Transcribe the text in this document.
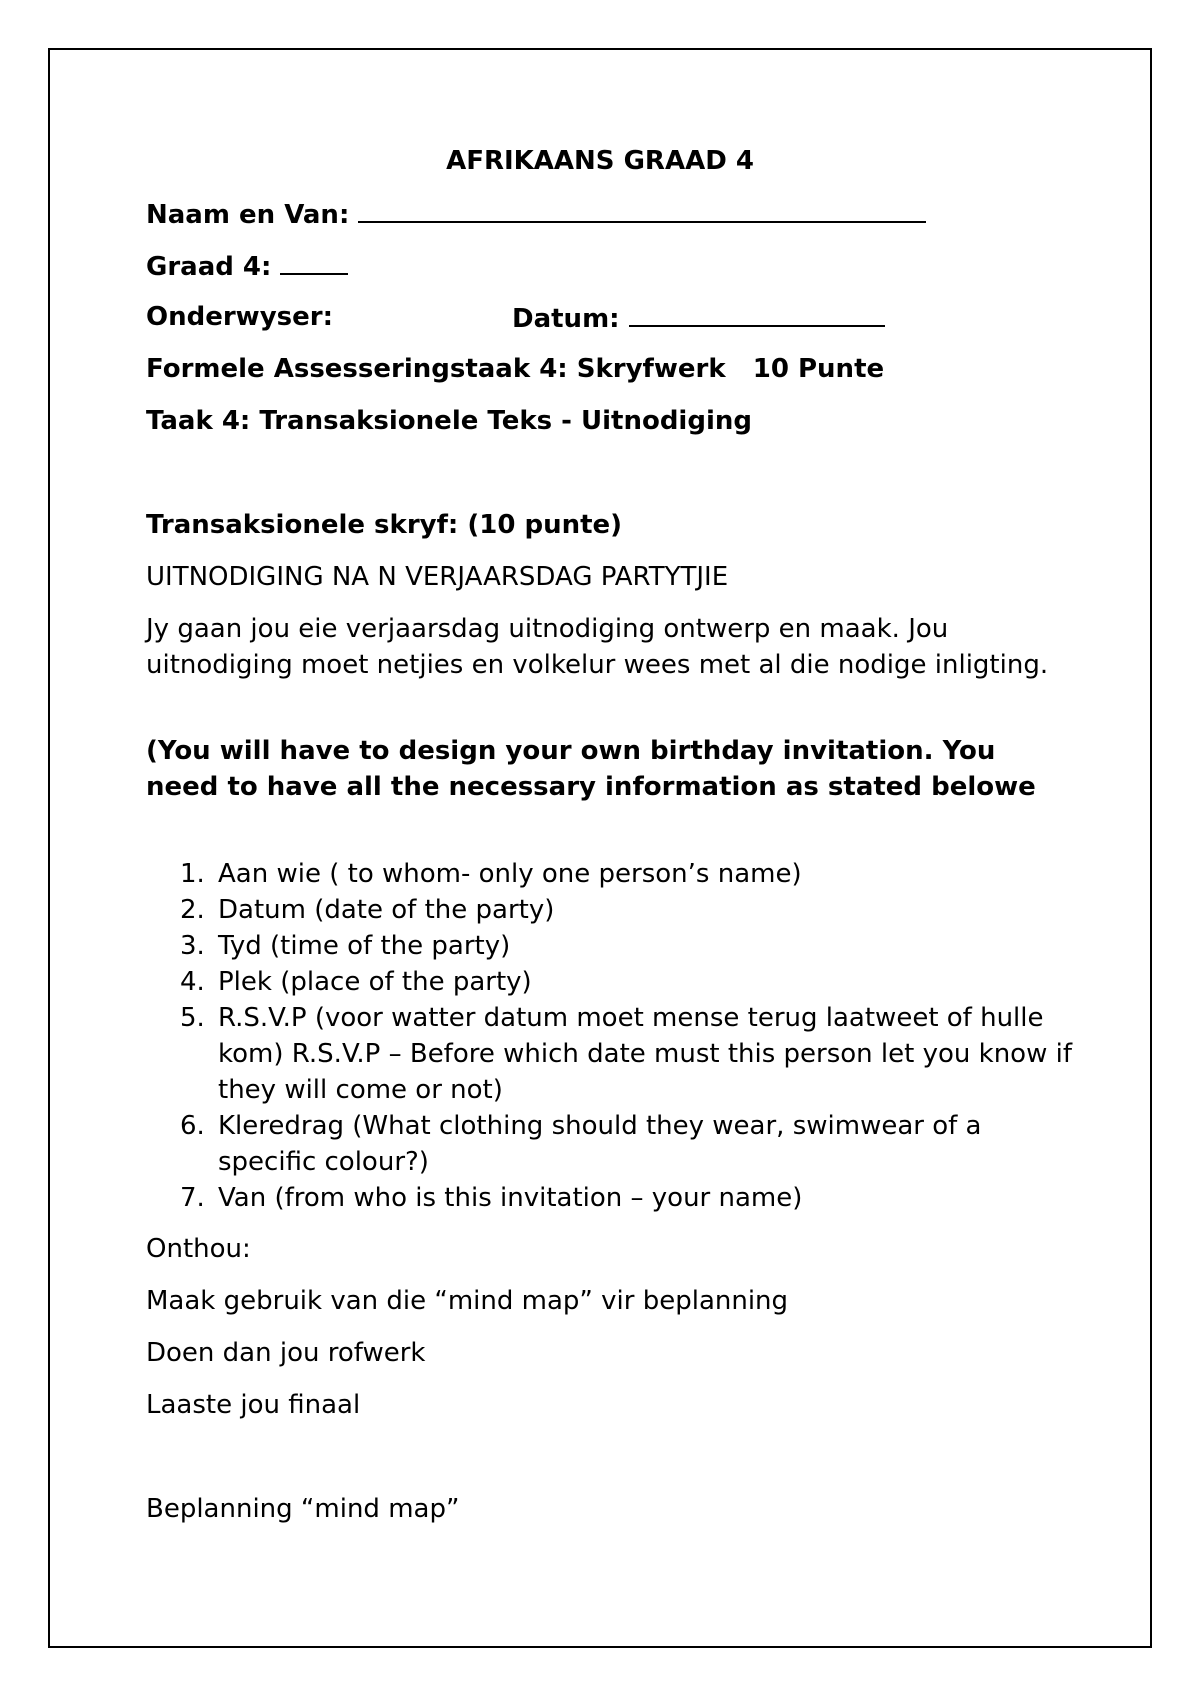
AFRIKAANS GRAAD 4
Naam en Van:
Graad 4:
Onderwyser:	Datum:
Formele Assesseringstaak 4: Skryfwerk   10 Punte
Taak 4: Transaksionele Teks - Uitnodiging
Transaksionele skryf: (10 punte)
UITNODIGING NA N VERJAARSDAG PARTYTJIE
Jy gaan jou eie verjaarsdag uitnodiging ontwerp en maak. Jou uitnodiging moet netjies en volkelur wees met al die nodige inligting.
(You will have to design your own birthday invitation. You need to have all the necessary information as stated belowe
1. Aan wie ( to whom- only one person’s name)
2. Datum (date of the party)
3. Tyd (time of the party)
4. Plek (place of the party)
5. R.S.V.P (voor watter datum moet mense terug laatweet of hulle kom) R.S.V.P – Before which date must this person let you know if they will come or not)
6. Kleredrag (What clothing should they wear, swimwear of a specific colour?)
7. Van (from who is this invitation – your name)
Onthou:
Maak gebruik van die “mind map” vir beplanning
Doen dan jou rofwerk
Laaste jou finaal
Beplanning “mind map”
